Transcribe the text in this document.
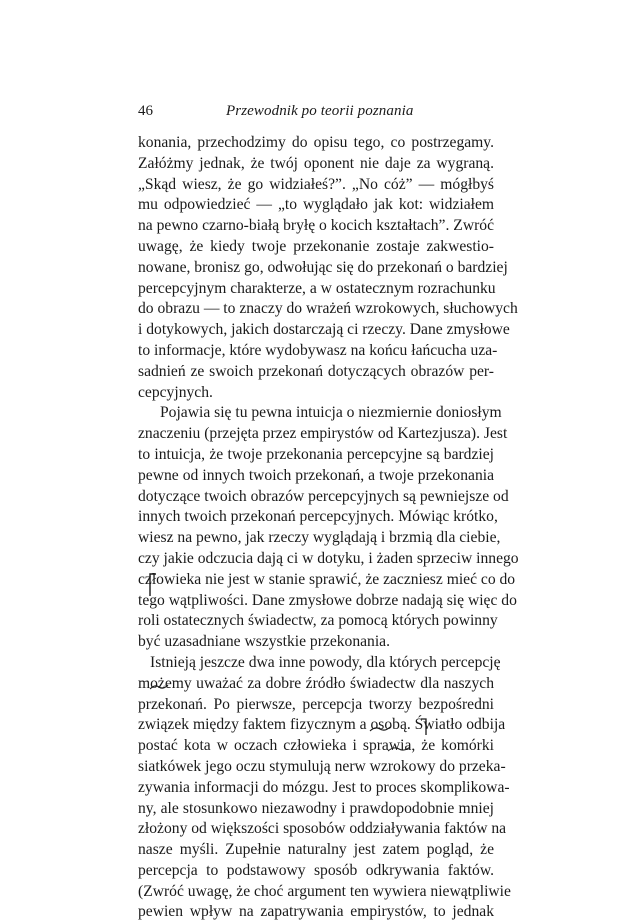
46	Przewodnik po teorii poznania
konania, przechodzimy do opisu tego, co postrzegamy.
Załóżmy jednak, że twój oponent nie daje za wygraną.
„Skąd wiesz, że go widziałeś?”. „No cóż” — mógłbyś
mu odpowiedzieć — „to wyglądało jak kot: widziałem
na pewno czarno-białą bryłę o kocich kształtach”. Zwróć
uwagę, że kiedy twoje przekonanie zostaje zakwestio-
nowane, bronisz go, odwołując się do przekonań o bardziej
percepcyjnym charakterze, a w ostatecznym rozrachunku
do obrazu — to znaczy do wrażeń wzrokowych, słuchowych
i dotykowych, jakich dostarczają ci rzeczy. Dane zmysłowe
to informacje, które wydobywasz na końcu łańcucha uza-
sadnień ze swoich przekonań dotyczących obrazów per-
cepcyjnych.
Pojawia się tu pewna intuicja o niezmiernie doniosłym
znaczeniu (przejęta przez empirystów od Kartezjusza). Jest
to intuicja, że twoje przekonania percepcyjne są bardziej
pewne od innych twoich przekonań, a twoje przekonania
dotyczące twoich obrazów percepcyjnych są pewniejsze od
innych twoich przekonań percepcyjnych. Mówiąc krótko,
wiesz na pewno, jak rzeczy wyglądają i brzmią dla ciebie,
czy jakie odczucia dają ci w dotyku, i żaden sprzeciw innego
człowieka nie jest w stanie sprawić, że zaczniesz mieć co do
tego wątpliwości. Dane zmysłowe dobrze nadają się więc do
roli ostatecznych świadectw, za pomocą których powinny
być uzasadniane wszystkie przekonania.
Istnieją jeszcze dwa inne powody, dla których percepcję
możemy uważać za dobre źródło świadectw dla naszych
przekonań. Po pierwsze, percepcja tworzy bezpośredni
związek między faktem fizycznym a osobą. Światło odbija
postać kota w oczach człowieka i sprawia, że komórki
siatkówek jego oczu stymulują nerw wzrokowy do przeka-
zywania informacji do mózgu. Jest to proces skomplikowa-
ny, ale stosunkowo niezawodny i prawdopodobnie mniej
złożony od większości sposobów oddziaływania faktów na
nasze myśli. Zupełnie naturalny jest zatem pogląd, że
percepcja to podstawowy sposób odkrywania faktów.
(Zwróć uwagę, że choć argument ten wywiera niewątpliwie
pewien wpływ na zapatrywania empirystów, to jednak
